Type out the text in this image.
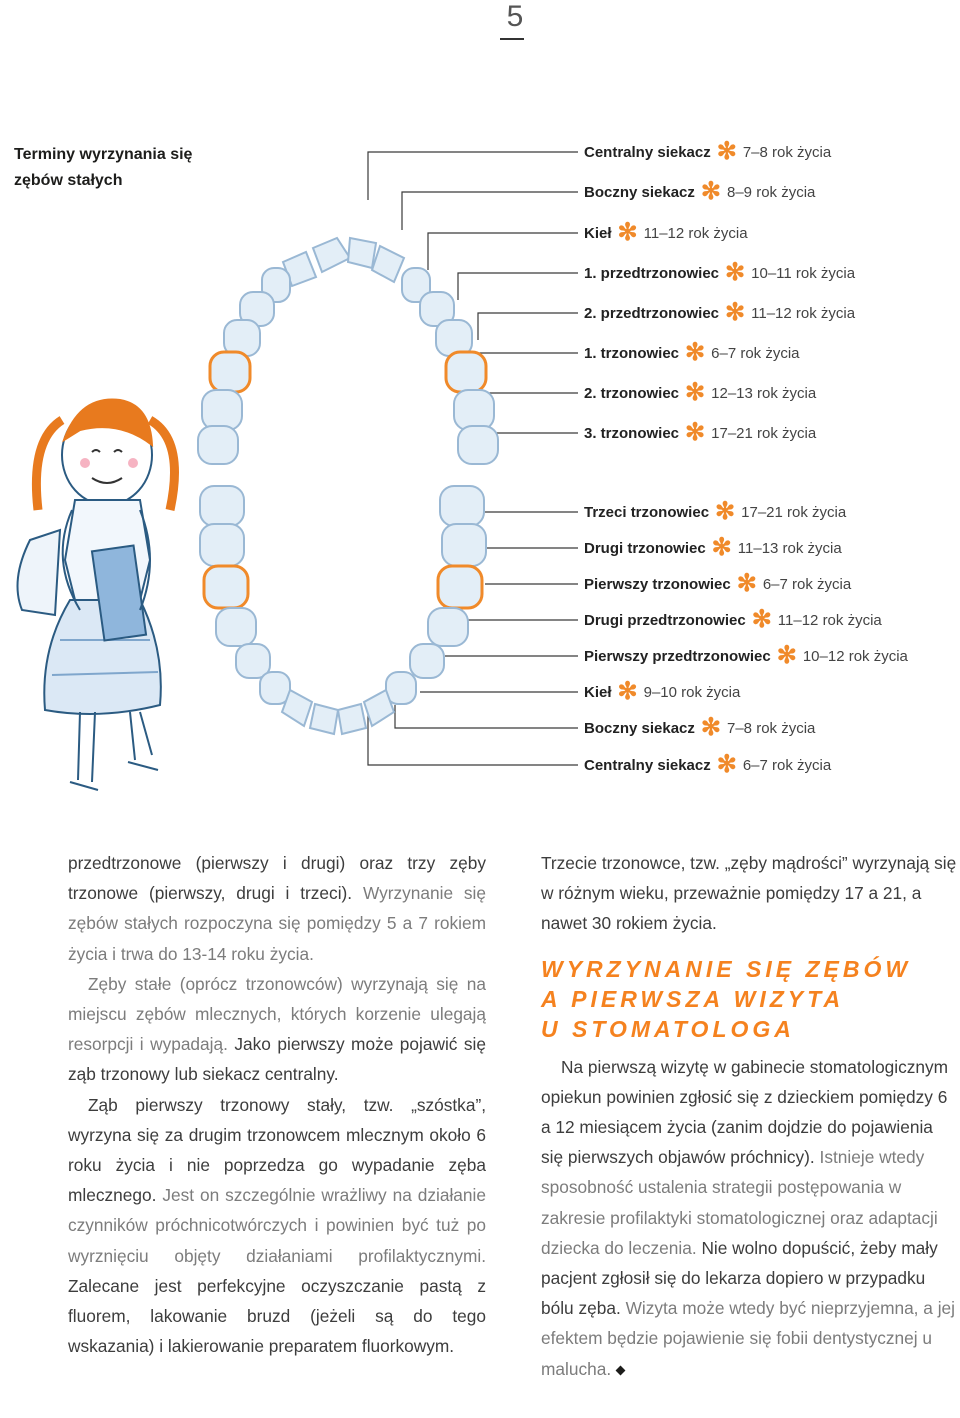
5
Terminy wyrzynania się zębów stałych
Centralny siekacz ✻ 7–8 rok życia
Boczny siekacz ✻ 8–9 rok życia
Kieł ✻ 11–12 rok życia
1. przedtrzonowiec ✻ 10–11 rok życia
2. przedtrzonowiec ✻ 11–12 rok życia
1. trzonowiec ✻ 6–7 rok życia
2. trzonowiec ✻ 12–13 rok życia
3. trzonowiec ✻ 17–21 rok życia
Trzeci trzonowiec ✻ 17–21 rok życia
Drugi trzonowiec ✻ 11–13 rok życia
Pierwszy trzonowiec ✻ 6–7 rok życia
Drugi przedtrzonowiec ✻ 11–12 rok życia
Pierwszy przedtrzonowiec ✻ 10–12 rok życia
Kieł ✻ 9–10 rok życia
Boczny siekacz ✻ 7–8 rok życia
Centralny siekacz ✻ 6–7 rok życia

przedtrzonowe (pierwszy i drugi) oraz trzy zęby trzonowe (pierwszy, drugi i trzeci). Wyrzynanie się zębów stałych rozpoczyna się pomiędzy 5 a 7 rokiem życia i trwa do 13-14 roku życia.

Zęby stałe (oprócz trzonowców) wyrzynają się na miejscu zębów mlecznych, których korzenie ulegają resorpcji i wypadają. Jako pierwszy może pojawić się ząb trzonowy lub siekacz centralny.

Ząb pierwszy trzonowy stały, tzw. „szóstka”, wyrzyna się za drugim trzonowcem mlecznym około 6 roku życia i nie poprzedza go wypadanie zęba mlecznego. Jest on szczególnie wrażliwy na działanie czynników próchnicotwórczych i powinien być tuż po wyrznięciu objęty działaniami profilaktycznymi. Zalecane jest perfekcyjne oczyszczanie pastą z fluorem, lakowanie bruzd (jeżeli są do tego wskazania) i lakierowanie preparatem fluorkowym.

Trzecie trzonowce, tzw. „zęby mądrości” wyrzynają się w różnym wieku, przeważnie pomiędzy 17 a 21, a nawet 30 rokiem życia.

WYRZYNANIE SIĘ ZĘBÓW
A PIERWSZA WIZYTA
U STOMATOLOGA

Na pierwszą wizytę w gabinecie stomatologicznym opiekun powinien zgłosić się z dzieckiem pomiędzy 6 a 12 miesiącem życia (zanim dojdzie do pojawienia się pierwszych objawów próchnicy). Istnieje wtedy sposobność ustalenia strategii postępowania w zakresie profilaktyki stomatologicznej oraz adaptacji dziecka do leczenia. Nie wolno dopuścić, żeby mały pacjent zgłosił się do lekarza dopiero w przypadku bólu zęba. Wizyta może wtedy być nieprzyjemna, a jej efektem będzie pojawienie się fobii dentystycznej u malucha.
